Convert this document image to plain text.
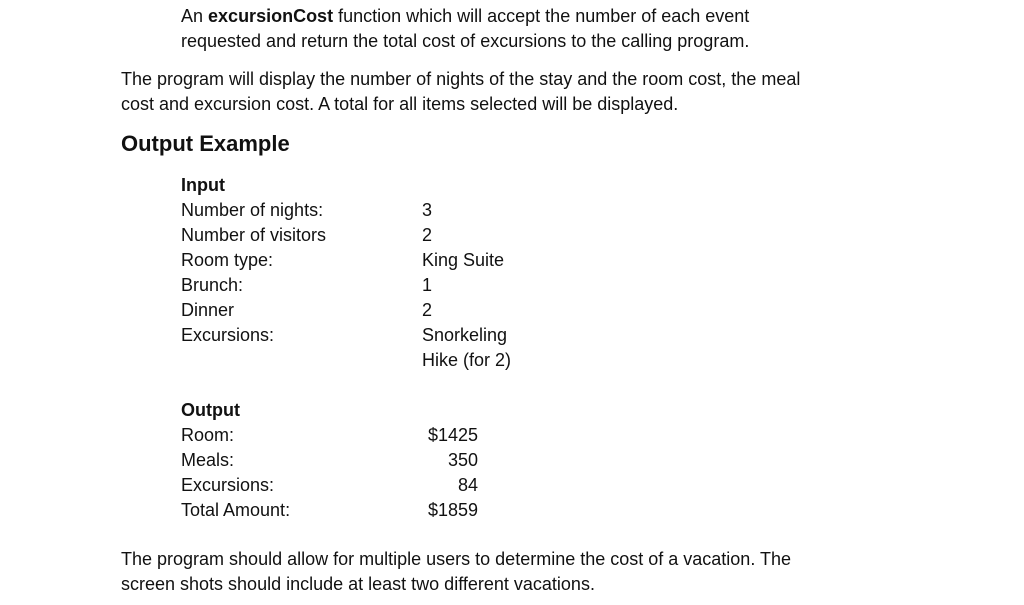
An excursionCost function which will accept the number of each event
requested and return the total cost of excursions to the calling program.
The program will display the number of nights of the stay and the room cost, the meal
cost and excursion cost. A total for all items selected will be displayed.
Output Example
Input
Number of nights:	3
Number of visitors	2
Room type:	King Suite
Brunch:	1
Dinner	2
Excursions:	Snorkeling
Hike (for 2)
Output
Room:	$1425
Meals:	350
Excursions:	84
Total Amount:	$1859
The program should allow for multiple users to determine the cost of a vacation. The
screen shots should include at least two different vacations.
